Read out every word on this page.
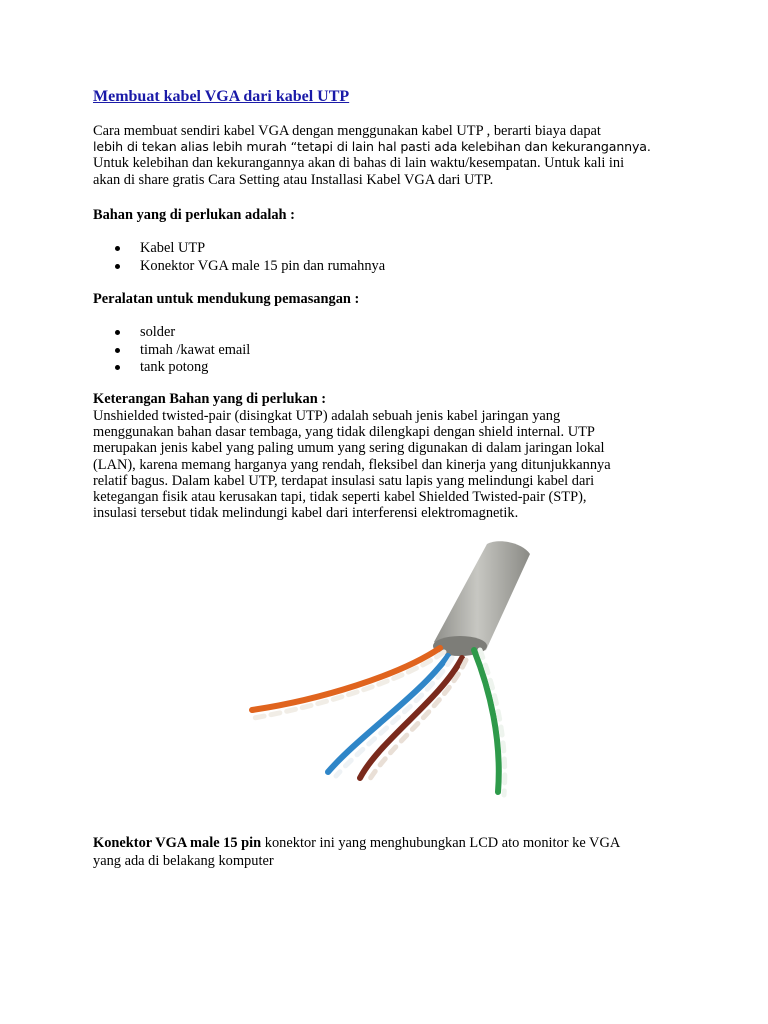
Membuat kabel VGA dari kabel UTP

Cara membuat sendiri kabel VGA dengan menggunakan kabel UTP , berarti biaya dapat
lebih di tekan alias lebih murah “tetapi di lain hal pasti ada kelebihan dan kekurangannya.
Untuk kelebihan dan kekurangannya akan di bahas di lain waktu/kesempatan. Untuk kali ini
akan di share gratis Cara Setting atau Installasi Kabel VGA dari UTP.

Bahan yang di perlukan adalah :

Kabel UTP
Konektor VGA male 15 pin dan rumahnya

Peralatan untuk mendukung pemasangan :

solder
timah /kawat email
tank potong

Keterangan Bahan yang di perlukan :

Unshielded twisted-pair (disingkat UTP) adalah sebuah jenis kabel jaringan yang
menggunakan bahan dasar tembaga, yang tidak dilengkapi dengan shield internal. UTP
merupakan jenis kabel yang paling umum yang sering digunakan di dalam jaringan lokal
(LAN), karena memang harganya yang rendah, fleksibel dan kinerja yang ditunjukkannya
relatif bagus. Dalam kabel UTP, terdapat insulasi satu lapis yang melindungi kabel dari
ketegangan fisik atau kerusakan tapi, tidak seperti kabel Shielded Twisted-pair (STP),
insulasi tersebut tidak melindungi kabel dari interferensi elektromagnetik.

Konektor VGA male 15 pin konektor ini yang menghubungkan LCD ato monitor ke VGA
yang ada di belakang komputer
